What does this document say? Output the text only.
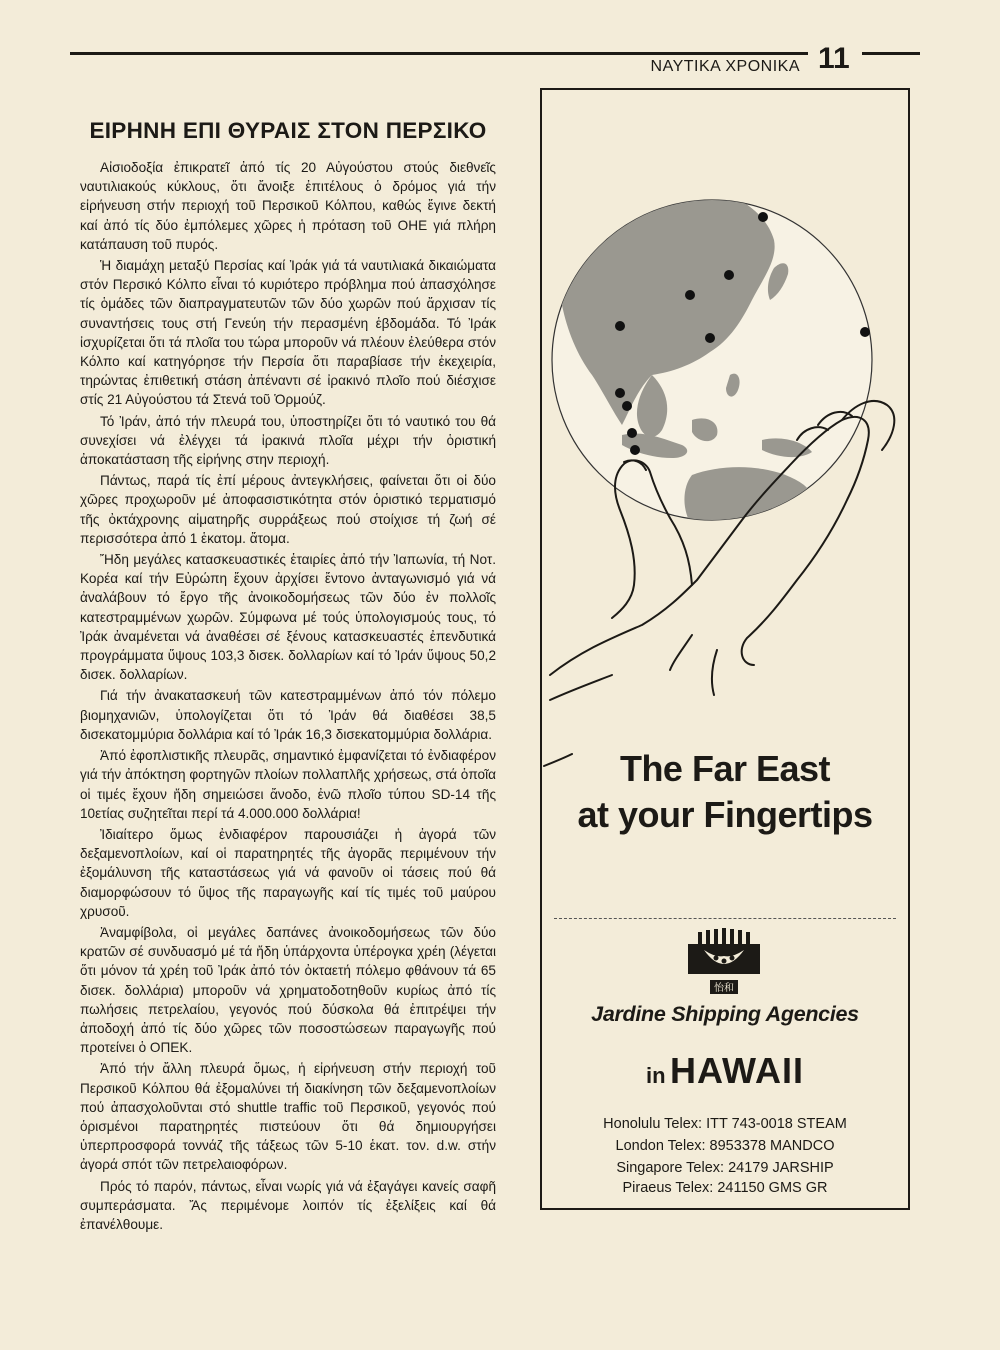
ΝΑΥΤΙΚΑ ΧΡΟΝΙΚΑ 11
ΕΙΡΗΝΗ ΕΠΙ ΘΥΡΑΙΣ ΣΤΟΝ ΠΕΡΣΙΚΟ

Αἰσιοδοξία ἐπικρατεῖ ἀπό τίς 20 Αὐγούστου στούς διεθνεῖς ναυτιλιακούς κύκλους, ὅτι ἄνοιξε ἐπιτέλους ὁ δρόμος γιά τήν εἰρήνευση στήν περιοχή τοῦ Περσικοῦ Κόλπου, καθώς ἔγινε δεκτή καί ἀπό τίς δύο ἐμπόλεμες χῶρες ἡ πρόταση τοῦ ΟΗΕ γιά πλήρη κατάπαυση τοῦ πυρός.

Ἡ διαμάχη μεταξύ Περσίας καί Ἰράκ γιά τά ναυτιλιακά δικαιώματα στόν Περσικό Κόλπο εἶναι τό κυριότερο πρόβλημα πού ἀπασχόλησε τίς ὁμάδες τῶν διαπραγματευτῶν τῶν δύο χωρῶν πού ἄρχισαν τίς συναντήσεις τους στή Γενεύη τήν περασμένη ἑβδομάδα. Τό Ἰράκ ἰσχυρίζεται ὅτι τά πλοῖα του τώρα μποροῦν νά πλέουν ἐλεύθερα στόν Κόλπο καί κατηγόρησε τήν Περσία ὅτι παραβίασε τήν ἐκεχειρία, τηρώντας ἐπιθετική στάση ἀπέναντι σέ ἰρακινό πλοῖο πού διέσχισε στίς 21 Αὐγούστου τά Στενά τοῦ Ὁρμούζ.

Τό Ἰράν, ἀπό τήν πλευρά του, ὑποστηρίζει ὅτι τό ναυτικό του θά συνεχίσει νά ἐλέγχει τά ἰρακινά πλοῖα μέχρι τήν ὁριστική ἀποκατάσταση τῆς εἰρήνης στην περιοχή.

Πάντως, παρά τίς ἐπί μέρους ἀντεγκλήσεις, φαίνεται ὅτι οἱ δύο χῶρες προχωροῦν μέ ἀποφασιστικότητα στόν ὁριστικό τερματισμό τῆς ὀκτάχρονης αἱματηρῆς συρράξεως πού στοίχισε τή ζωή σέ περισσότερα ἀπό 1 ἑκατομ. ἄτομα.

Ἤδη μεγάλες κατασκευαστικές ἑταιρίες ἀπό τήν Ἰαπωνία, τή Νοτ. Κορέα καί τήν Εὐρώπη ἔχουν ἀρχίσει ἔντονο ἀνταγωνισμό γιά νά ἀναλάβουν τό ἔργο τῆς ἀνοικοδομήσεως τῶν δύο ἐν πολλοῖς κατεστραμμένων χωρῶν. Σύμφωνα μέ τούς ὑπολογισμούς τους, τό Ἰράκ ἀναμένεται νά ἀναθέσει σέ ξένους κατασκευαστές ἐπενδυτικά προγράμματα ὕψους 103,3 δισεκ. δολλαρίων καί τό Ἰράν ὕψους 50,2 δισεκ. δολλαρίων.

Γιά τήν ἀνακατασκευή τῶν κατεστραμμένων ἀπό τόν πόλεμο βιομηχανιῶν, ὑπολογίζεται ὅτι τό Ἰράν θά διαθέσει 38,5 δισεκατομμύρια δολλάρια καί τό Ἰράκ 16,3 δισεκατομμύρια δολλάρια.

Ἀπό ἐφοπλιστικῆς πλευρᾶς, σημαντικό ἐμφανίζεται τό ἐνδιαφέρον γιά τήν ἀπόκτηση φορτηγῶν πλοίων πολλαπλῆς χρήσεως, στά ὁποῖα οἱ τιμές ἔχουν ἤδη σημειώσει ἄνοδο, ἐνῶ πλοῖο τύπου SD-14 τῆς 10ετίας συζητεῖται περί τά 4.000.000 δολλάρια!

Ἰδιαίτερο ὅμως ἐνδιαφέρον παρουσιάζει ἡ ἀγορά τῶν δεξαμενοπλοίων, καί οἱ παρατηρητές τῆς ἀγορᾶς περιμένουν τήν ἐξομάλυνση τῆς καταστάσεως γιά νά φανοῦν οἱ τάσεις πού θά διαμορφώσουν τό ὕψος τῆς παραγωγῆς καί τίς τιμές τοῦ μαύρου χρυσοῦ.

Ἀναμφίβολα, οἱ μεγάλες δαπάνες ἀνοικοδομήσεως τῶν δύο κρατῶν σέ συνδυασμό μέ τά ἤδη ὑπάρχοντα ὑπέρογκα χρέη (λέγεται ὅτι μόνον τά χρέη τοῦ Ἰράκ ἀπό τόν ὀκταετή πόλεμο φθάνουν τά 65 δισεκ. δολλάρια) μποροῦν νά χρηματοδοτηθοῦν κυρίως ἀπό τίς πωλήσεις πετρελαίου, γεγονός πού δύσκολα θά ἐπιτρέψει τήν ἀποδοχή ἀπό τίς δύο χῶρες τῶν ποσοστώσεων παραγωγῆς πού προτείνει ὁ ΟΠΕΚ.

Ἀπό τήν ἄλλη πλευρά ὅμως, ἡ εἰρήνευση στήν περιοχή τοῦ Περσικοῦ Κόλπου θά ἐξομαλύνει τή διακίνηση τῶν δεξαμενοπλοίων πού ἀπασχολοῦνται στό shuttle traffic τοῦ Περσικοῦ, γεγονός πού ὁρισμένοι παρατηρητές πιστεύουν ὅτι θά δημιουργήσει ὑπερπροσφορά τοννάζ τῆς τάξεως τῶν 5-10 ἑκατ. τον. d.w. στήν ἀγορά σπότ τῶν πετρελαιοφόρων.

Πρός τό παρόν, πάντως, εἶναι νωρίς γιά νά ἐξαγάγει κανείς σαφῆ συμπεράσματα. Ἄς περιμένομε λοιπόν τίς ἐξελίξεις καί θά ἐπανέλθουμε.

The Far East
at your Fingertips
怡和
Jardine Shipping Agencies
in HAWAII
Honolulu Telex: ITT 743-0018 STEAM
London Telex: 8953378 MANDCO
Singapore Telex: 24179 JARSHIP
Piraeus Telex: 241150 GMS GR
